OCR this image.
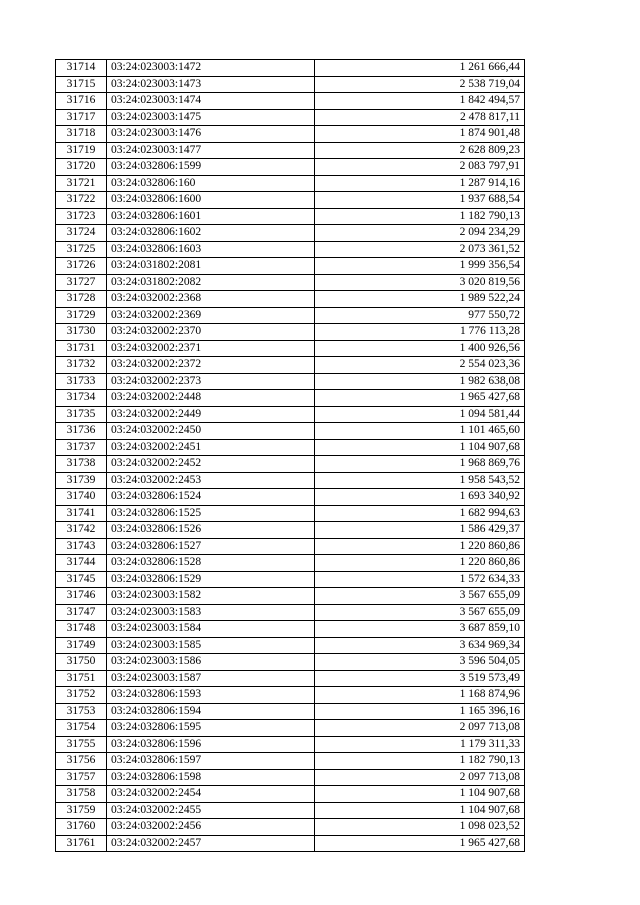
31714	03:24:023003:1472	1 261 666,44
31715	03:24:023003:1473	2 538 719,04
31716	03:24:023003:1474	1 842 494,57
31717	03:24:023003:1475	2 478 817,11
31718	03:24:023003:1476	1 874 901,48
31719	03:24:023003:1477	2 628 809,23
31720	03:24:032806:1599	2 083 797,91
31721	03:24:032806:160	1 287 914,16
31722	03:24:032806:1600	1 937 688,54
31723	03:24:032806:1601	1 182 790,13
31724	03:24:032806:1602	2 094 234,29
31725	03:24:032806:1603	2 073 361,52
31726	03:24:031802:2081	1 999 356,54
31727	03:24:031802:2082	3 020 819,56
31728	03:24:032002:2368	1 989 522,24
31729	03:24:032002:2369	977 550,72
31730	03:24:032002:2370	1 776 113,28
31731	03:24:032002:2371	1 400 926,56
31732	03:24:032002:2372	2 554 023,36
31733	03:24:032002:2373	1 982 638,08
31734	03:24:032002:2448	1 965 427,68
31735	03:24:032002:2449	1 094 581,44
31736	03:24:032002:2450	1 101 465,60
31737	03:24:032002:2451	1 104 907,68
31738	03:24:032002:2452	1 968 869,76
31739	03:24:032002:2453	1 958 543,52
31740	03:24:032806:1524	1 693 340,92
31741	03:24:032806:1525	1 682 994,63
31742	03:24:032806:1526	1 586 429,37
31743	03:24:032806:1527	1 220 860,86
31744	03:24:032806:1528	1 220 860,86
31745	03:24:032806:1529	1 572 634,33
31746	03:24:023003:1582	3 567 655,09
31747	03:24:023003:1583	3 567 655,09
31748	03:24:023003:1584	3 687 859,10
31749	03:24:023003:1585	3 634 969,34
31750	03:24:023003:1586	3 596 504,05
31751	03:24:023003:1587	3 519 573,49
31752	03:24:032806:1593	1 168 874,96
31753	03:24:032806:1594	1 165 396,16
31754	03:24:032806:1595	2 097 713,08
31755	03:24:032806:1596	1 179 311,33
31756	03:24:032806:1597	1 182 790,13
31757	03:24:032806:1598	2 097 713,08
31758	03:24:032002:2454	1 104 907,68
31759	03:24:032002:2455	1 104 907,68
31760	03:24:032002:2456	1 098 023,52
31761	03:24:032002:2457	1 965 427,68
